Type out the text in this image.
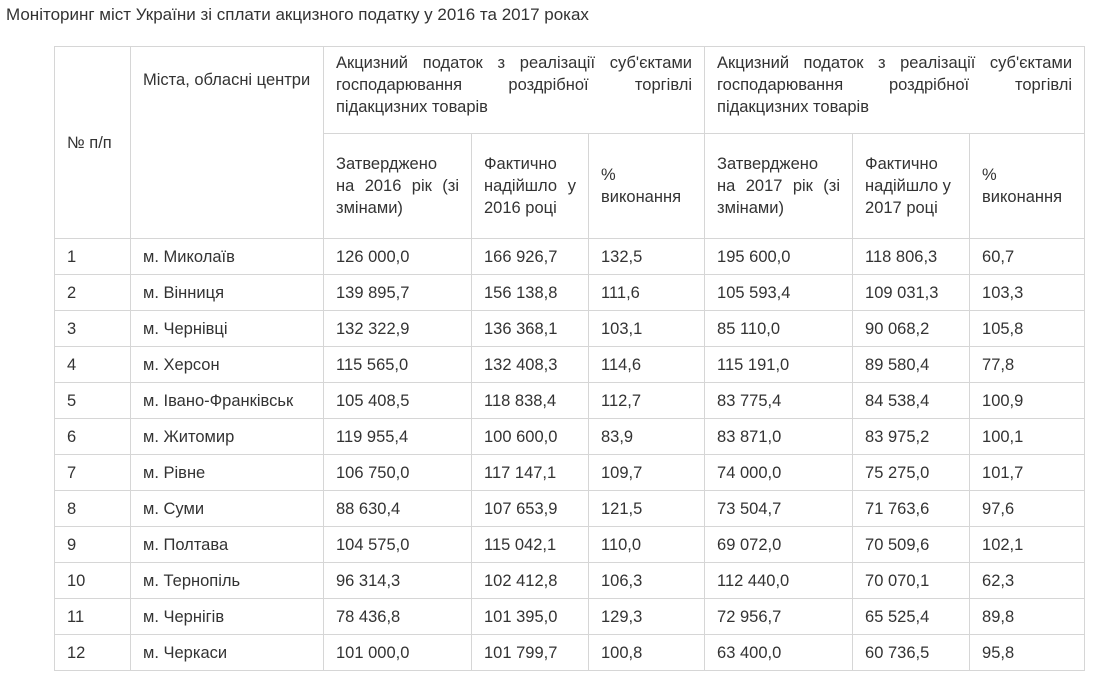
Моніторинг міст України зі сплати акцизного податку у 2016 та 2017 роках
№ п/п	Міста, обласні центри	Акцизний податок з реалізації суб'єктами господарювання роздрібної торгівлі підакцизних товарів			Акцизний податок з реалізації суб'єктами господарювання роздрібної торгівлі підакцизних товарів		
		Затверджено на 2016 рік (зі змінами)	Фактично надійшло у 2016 році	% виконання	Затверджено на 2017 рік (зі змінами)	Фактично надійшло у 2017 році	% виконання
1	м. Миколаїв	126 000,0	166 926,7	132,5	195 600,0	118 806,3	60,7
2	м. Вінниця	139 895,7	156 138,8	111,6	105 593,4	109 031,3	103,3
3	м. Чернівці	132 322,9	136 368,1	103,1	85 110,0	90 068,2	105,8
4	м. Херсон	115 565,0	132 408,3	114,6	115 191,0	89 580,4	77,8
5	м. Івано-Франківськ	105 408,5	118 838,4	112,7	83 775,4	84 538,4	100,9
6	м. Житомир	119 955,4	100 600,0	83,9	83 871,0	83 975,2	100,1
7	м. Рівне	106 750,0	117 147,1	109,7	74 000,0	75 275,0	101,7
8	м. Суми	88 630,4	107 653,9	121,5	73 504,7	71 763,6	97,6
9	м. Полтава	104 575,0	115 042,1	110,0	69 072,0	70 509,6	102,1
10	м. Тернопіль	96 314,3	102 412,8	106,3	112 440,0	70 070,1	62,3
11	м. Чернігів	78 436,8	101 395,0	129,3	72 956,7	65 525,4	89,8
12	м. Черкаси	101 000,0	101 799,7	100,8	63 400,0	60 736,5	95,8
